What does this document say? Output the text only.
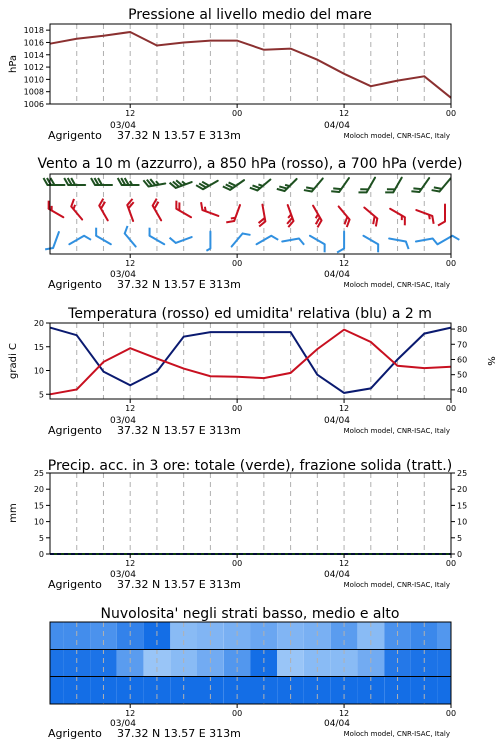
Pressione al livello medio del mare
hPa
1006
1008
1010
1012
1014
1016
1018
12	00	12	00
03/04	04/04
Agrigento 37.32 N 13.57 E 313m	Moloch model, CNR-ISAC, Italy
Vento a 10 m (azzurro), a 850 hPa (rosso), a 700 hPa (verde)
12	00	12	00
03/04	04/04
Agrigento 37.32 N 13.57 E 313m	Moloch model, CNR-ISAC, Italy
Temperatura (rosso) ed umidita' relativa (blu) a 2 m
gradi C	%
5
10
15
20
40
50
60
70
80
12	00	12	00
03/04	04/04
Agrigento 37.32 N 13.57 E 313m	Moloch model, CNR-ISAC, Italy
Precip. acc. in 3 ore: totale (verde), frazione solida (tratt.)
mm
0
5
10
15
20
25
0
5
10
15
20
25
12	00	12	00
03/04	04/04
Agrigento 37.32 N 13.57 E 313m	Moloch model, CNR-ISAC, Italy
Nuvolosita' negli strati basso, medio e alto
12	00	12	00
03/04	04/04
Agrigento 37.32 N 13.57 E 313m	Moloch model, CNR-ISAC, Italy
